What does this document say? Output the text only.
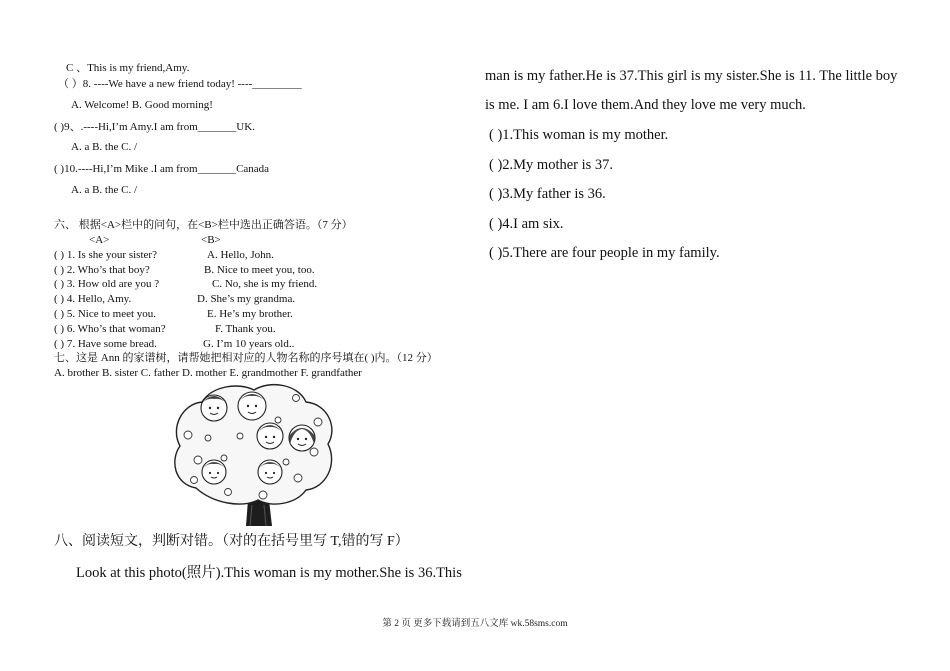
C 、This is my friend,Amy.
（ ）8. ----We have a new friend today! ----_________
A. Welcome! B. Good morning!
( )9、.----Hi,I’m Amy.I am from_______UK.
A. a B. the C. /
( )10.----Hi,I’m Mike .I am from_______Canada
A. a B. the C. /
六、 根据<A>栏中的问句，在<B>栏中选出正确答语。（7 分）
<A>	<B>
( ) 1. Is she your sister?	A. Hello, John.
( ) 2. Who’s that boy?	B. Nice to meet you, too.
( ) 3. How old are you ?	C. No, she is my friend.
( ) 4. Hello, Amy.	D. She’s my grandma.
( ) 5. Nice to meet you.	E. He’s my brother.
( ) 6. Who’s that woman?	F. Thank you.
( ) 7. Have some bread.	G. I’m 10 years old..
七、这是 Ann 的家谱树，请帮她把相对应的人物名称的序号填在( )内。（12 分）
A. brother B. sister C. father D. mother E. grandmother F. grandfather
八、阅读短文，判断对错。（对的在括号里写 T,错的写 F）
Look at this photo(照片).This woman is my mother.She is 36.This
man is my father.He is 37.This girl is my sister.She is 11. The little boy
is me. I am 6.I love them.And they love me very much.
( )1.This woman is my mother.
( )2.My mother is 37.
( )3.My father is 36.
( )4.I am six.
( )5.There are four people in my family.
第 2 页 更多下载请到五八文库 wk.58sms.com
